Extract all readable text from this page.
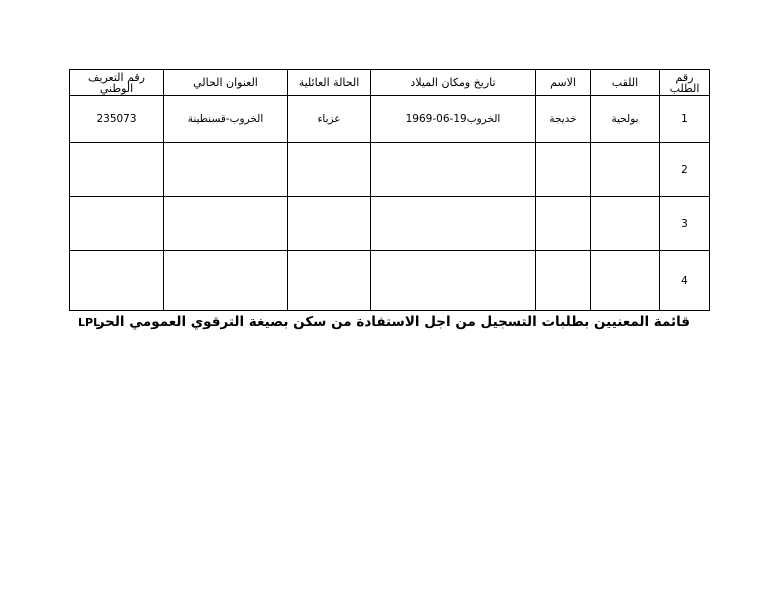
رقم الطلب	اللقب	الاسم	تاريخ ومكان الميلاد	الحالة العائلية	العنوان الحالي	رقم التعريف الوطني
1	بولحية	خديجة	الخروب19-06-1969	عزباء	الخروب-قسنطينة	235073
2						
3						
4						
قائمة المعنيين بطلبات التسجيل من اجل الاستفادة من سكن بصيغة الترقوي العمومي الحر
LPL
